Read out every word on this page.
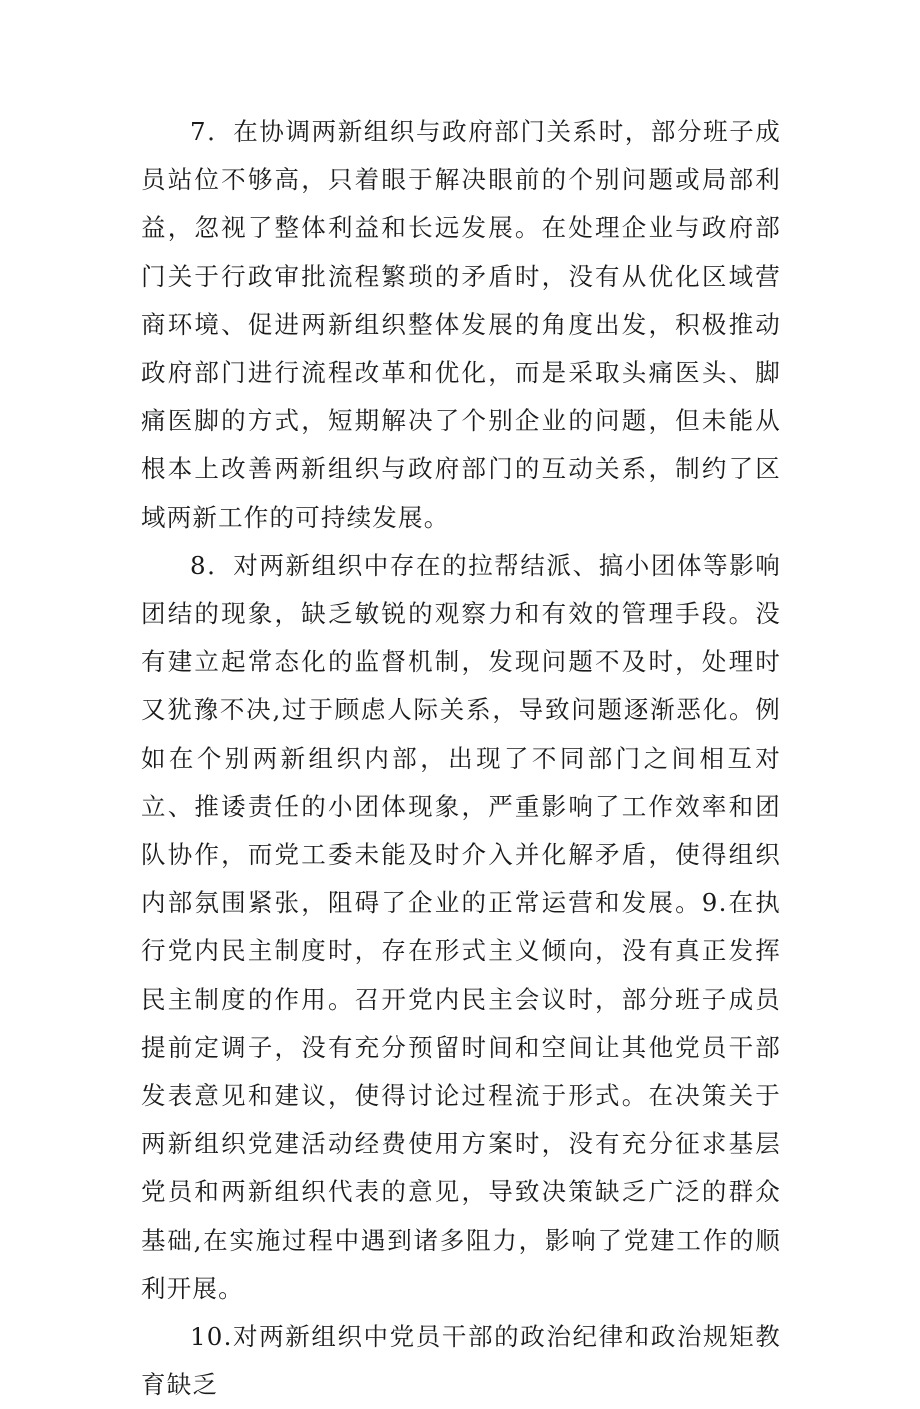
7．在协调两新组织与政府部门关系时，部分班子成员站位不够高，只着眼于解决眼前的个别问题或局部利益，忽视了整体利益和长远发展。在处理企业与政府部门关于行政审批流程繁琐的矛盾时，没有从优化区域营商环境、促进两新组织整体发展的角度出发，积极推动政府部门进行流程改革和优化，而是采取头痛医头、脚痛医脚的方式，短期解决了个别企业的问题，但未能从根本上改善两新组织与政府部门的互动关系，制约了区域两新工作的可持续发展。

8．对两新组织中存在的拉帮结派、搞小团体等影响团结的现象，缺乏敏锐的观察力和有效的管理手段。没有建立起常态化的监督机制，发现问题不及时，处理时又犹豫不决,过于顾虑人际关系，导致问题逐渐恶化。例如在个别两新组织内部，出现了不同部门之间相互对立、推诿责任的小团体现象，严重影响了工作效率和团队协作，而党工委未能及时介入并化解矛盾，使得组织内部氛围紧张，阻碍了企业的正常运营和发展。9.在执行党内民主制度时，存在形式主义倾向，没有真正发挥民主制度的作用。召开党内民主会议时，部分班子成员提前定调子，没有充分预留时间和空间让其他党员干部发表意见和建议，使得讨论过程流于形式。在决策关于两新组织党建活动经费使用方案时，没有充分征求基层党员和两新组织代表的意见，导致决策缺乏广泛的群众基础,在实施过程中遇到诸多阻力，影响了党建工作的顺利开展。

10.对两新组织中党员干部的政治纪律和政治规矩教育缺乏
